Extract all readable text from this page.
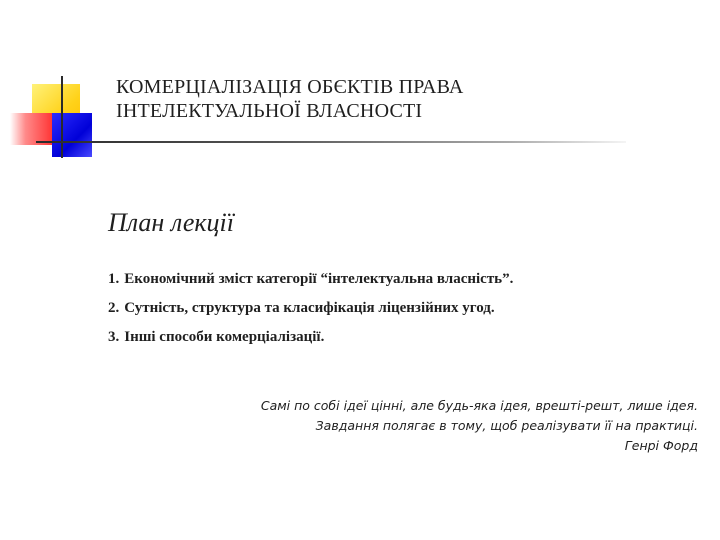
КОМЕРЦІАЛІЗАЦІЯ ОБЄКТІВ ПРАВА
ІНТЕЛЕКТУАЛЬНОЇ ВЛАСНОСТІ
План лекції
1. Економічний зміст категорії “інтелектуальна власність”.
2. Сутність, структура та класифікація ліцензійних угод.
3. Інші способи комерціалізації.
Самі по собі ідеї цінні, але будь-яка ідея, врешті-решт, лише ідея.
Завдання полягає в тому, щоб реалізувати її на практиці.
Генрі Форд
